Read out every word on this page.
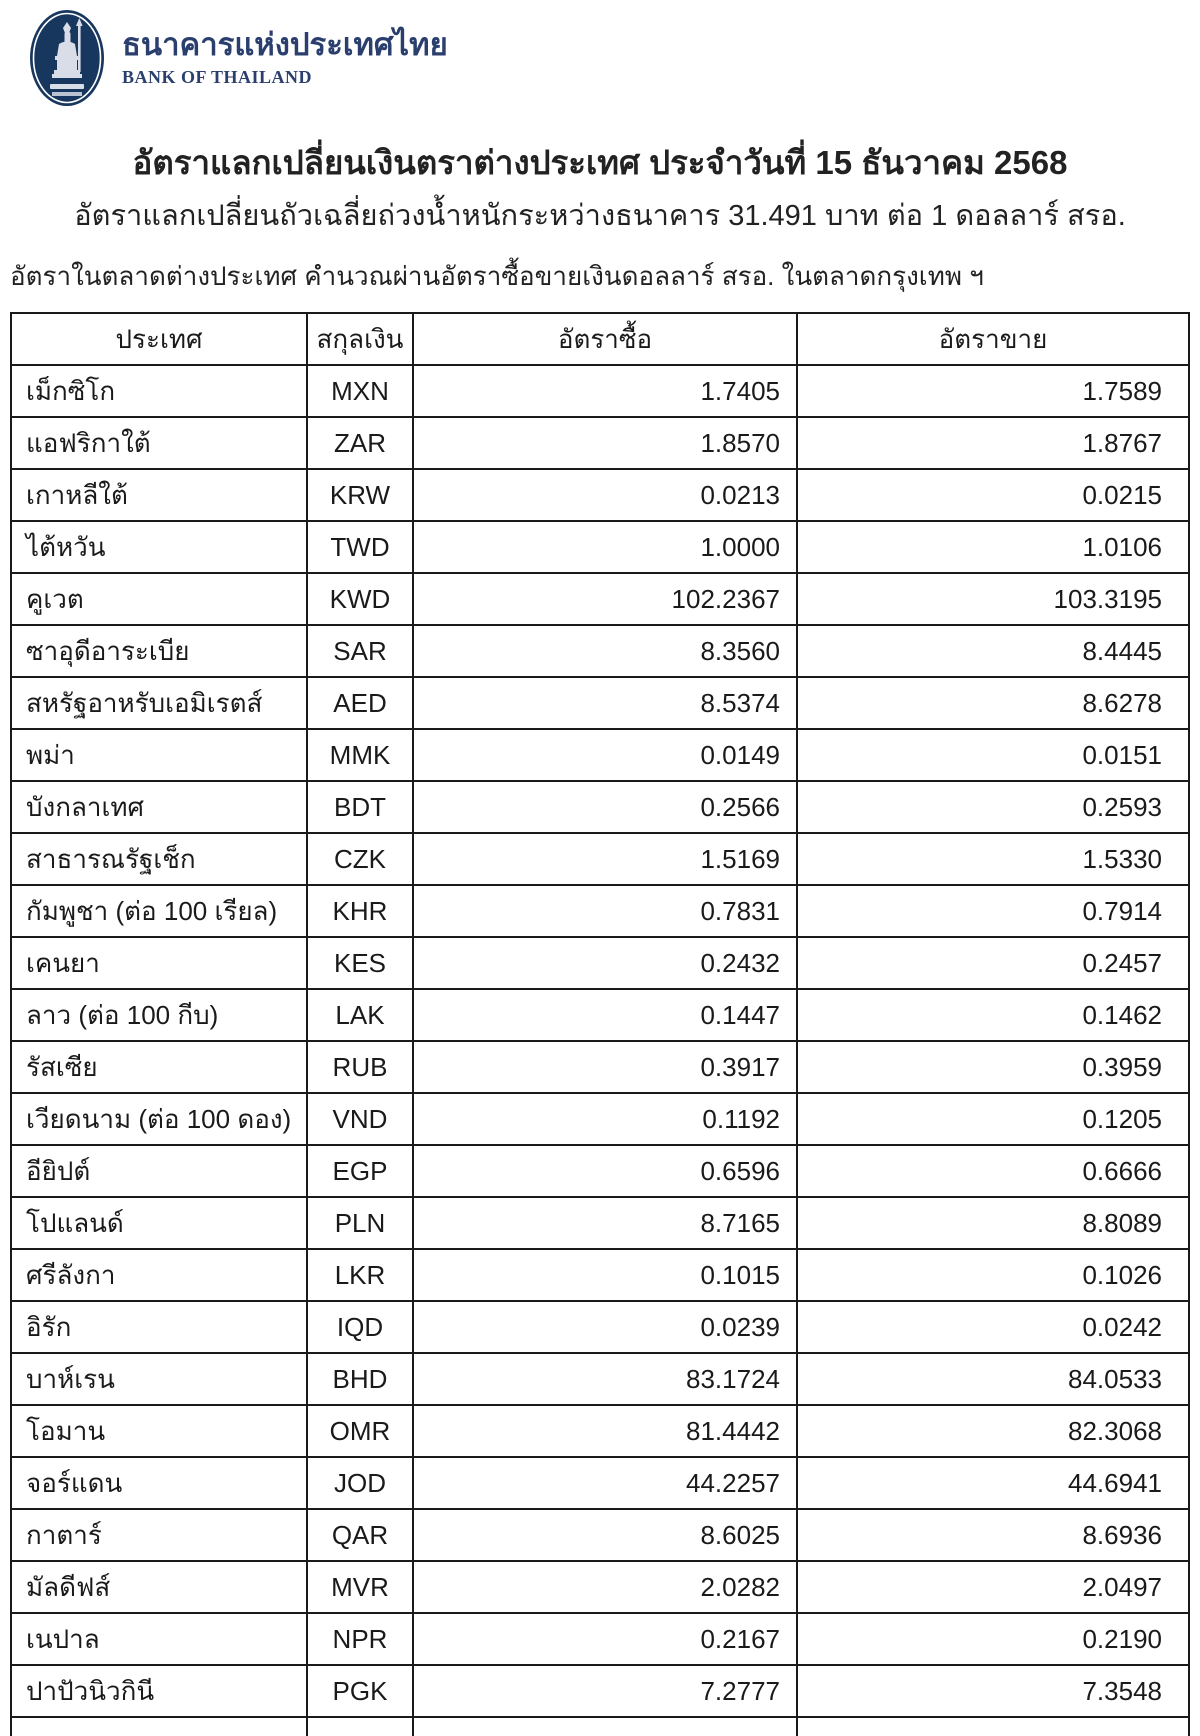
ธนาคารแห่งประเทศไทย
BANK OF THAILAND
อัตราแลกเปลี่ยนเงินตราต่างประเทศ ประจำวันที่ 15 ธันวาคม 2568
อัตราแลกเปลี่ยนถัวเฉลี่ยถ่วงน้ำหนักระหว่างธนาคาร 31.491 บาท ต่อ 1 ดอลลาร์ สรอ.
อัตราในตลาดต่างประเทศ คำนวณผ่านอัตราซื้อขายเงินดอลลาร์ สรอ. ในตลาดกรุงเทพ ฯ
ประเทศ	สกุลเงิน	อัตราซื้อ	อัตราขาย
เม็กซิโก	MXN	1.7405	1.7589
แอฟริกาใต้	ZAR	1.8570	1.8767
เกาหลีใต้	KRW	0.0213	0.0215
ไต้หวัน	TWD	1.0000	1.0106
คูเวต	KWD	102.2367	103.3195
ซาอุดีอาระเบีย	SAR	8.3560	8.4445
สหรัฐอาหรับเอมิเรตส์	AED	8.5374	8.6278
พม่า	MMK	0.0149	0.0151
บังกลาเทศ	BDT	0.2566	0.2593
สาธารณรัฐเช็ก	CZK	1.5169	1.5330
กัมพูชา (ต่อ 100 เรียล)	KHR	0.7831	0.7914
เคนยา	KES	0.2432	0.2457
ลาว (ต่อ 100 กีบ)	LAK	0.1447	0.1462
รัสเซีย	RUB	0.3917	0.3959
เวียดนาม (ต่อ 100 ดอง)	VND	0.1192	0.1205
อียิปต์	EGP	0.6596	0.6666
โปแลนด์	PLN	8.7165	8.8089
ศรีลังกา	LKR	0.1015	0.1026
อิรัก	IQD	0.0239	0.0242
บาห์เรน	BHD	83.1724	84.0533
โอมาน	OMR	81.4442	82.3068
จอร์แดน	JOD	44.2257	44.6941
กาตาร์	QAR	8.6025	8.6936
มัลดีฟส์	MVR	2.0282	2.0497
เนปาล	NPR	0.2167	0.2190
ปาปัวนิวกินี	PGK	7.2777	7.3548
